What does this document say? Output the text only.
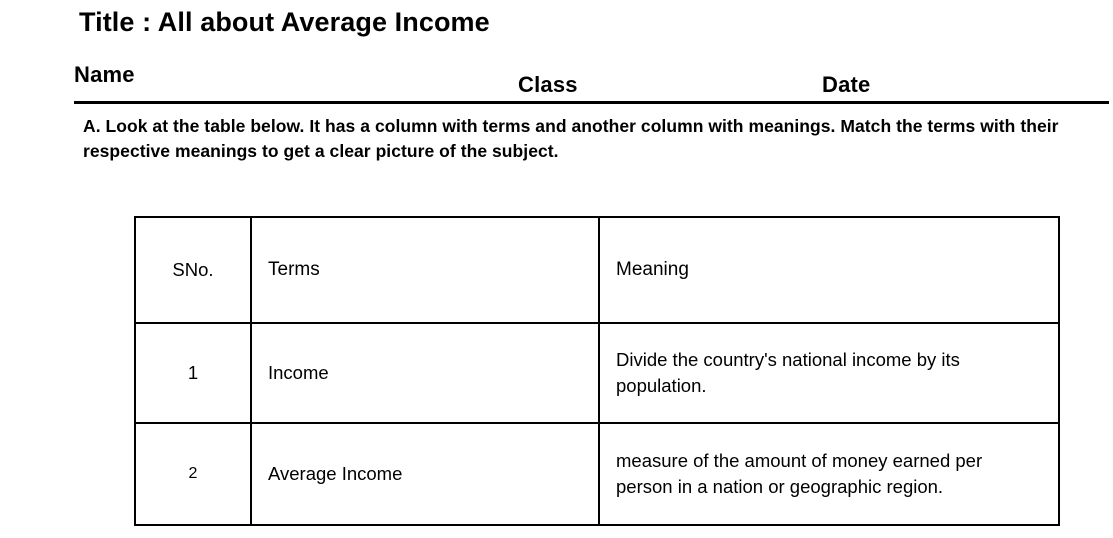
Title : All about Average Income
Name	Class	Date
A. Look at the table below. It has a column with terms and another column with meanings. Match the terms with their respective meanings to get a clear picture of the subject.
SNo.	Terms	Meaning
1	Income	Divide the country's national income by its population.
2	Average Income	measure of the amount of money earned per person in a nation or geographic region.
